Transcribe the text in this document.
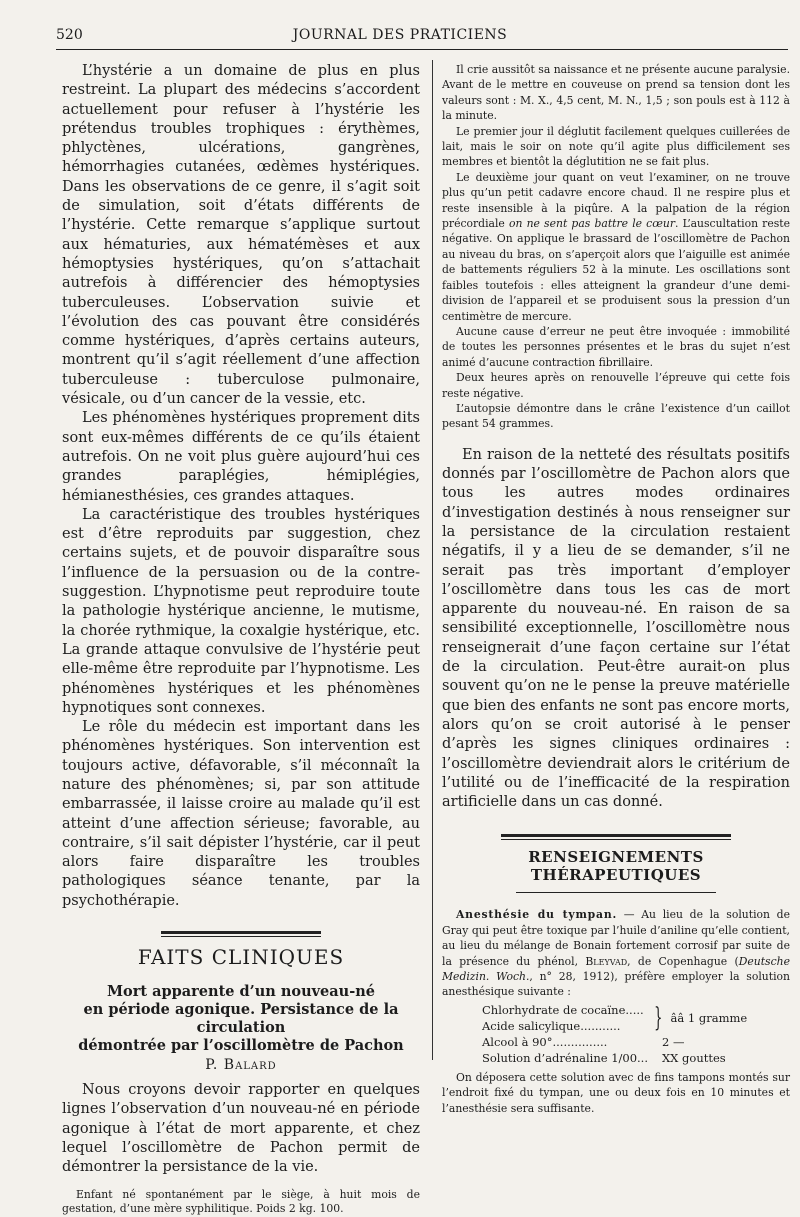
520	JOURNAL DES PRATICIENS

L’hystérie a un domaine de plus en plus restreint. La plupart des médecins s’accordent actuellement pour refuser à l’hystérie les prétendus troubles trophiques : érythèmes, phlyctènes, ulcérations, gangrènes, hémorrhagies cutanées, œdèmes hystériques. Dans les observations de ce genre, il s’agit soit de simulation, soit d’états différents de l’hystérie. Cette remarque s’applique surtout aux hématuries, aux hématémèses et aux hémoptysies hystériques, qu’on s’attachait autrefois à différencier des hémoptysies tuberculeuses. L’observation suivie et l’évolution des cas pouvant être considérés comme hystériques, d’après certains auteurs, montrent qu’il s’agit réellement d’une affection tuberculeuse : tuberculose pulmonaire, vésicale, ou d’un cancer de la vessie, etc.

Les phénomènes hystériques proprement dits sont eux-mêmes différents de ce qu’ils étaient autrefois. On ne voit plus guère aujourd’hui ces grandes paraplégies, hémiplégies, hémianesthésies, ces grandes attaques.

La caractéristique des troubles hystériques est d’être reproduits par suggestion, chez certains sujets, et de pouvoir disparaître sous l’influence de la persuasion ou de la contre-suggestion. L’hypnotisme peut reproduire toute la pathologie hystérique ancienne, le mutisme, la chorée rythmique, la coxalgie hystérique, etc. La grande attaque convulsive de l’hystérie peut elle-même être reproduite par l’hypnotisme. Les phénomènes hystériques et les phénomènes hypnotiques sont connexes.

Le rôle du médecin est important dans les phénomènes hystériques. Son intervention est toujours active, défavorable, s’il méconnaît la nature des phénomènes; si, par son attitude embarrassée, il laisse croire au malade qu’il est atteint d’une affection sérieuse; favorable, au contraire, s’il sait dépister l’hystérie, car il peut alors faire disparaître les troubles pathologiques séance tenante, par la psychothérapie.

FAITS CLINIQUES
Mort apparente d’un nouveau-né
en période agonique. Persistance de la circulation
démontrée par l’oscillomètre de Pachon
P. Balard

Nous croyons devoir rapporter en quelques lignes l’observation d’un nouveau-né en période agonique à l’état de mort apparente, et chez lequel l’oscillomètre de Pachon permit de démontrer la persistance de la vie.

Enfant né spontanément par le siège, à huit mois de gestation, d’une mère syphilitique. Poids 2 kg. 100.

Il crie aussitôt sa naissance et ne présente aucune paralysie. Avant de le mettre en couveuse on prend sa tension dont les valeurs sont : M. X., 4,5 cent, M. N., 1,5 ; son pouls est à 112 à la minute.

Le premier jour il déglutit facilement quelques cuillerées de lait, mais le soir on note qu’il agite plus difficilement ses membres et bientôt la déglutition ne se fait plus.

Le deuxième jour quant on veut l’examiner, on ne trouve plus qu’un petit cadavre encore chaud. Il ne respire plus et reste insensible à la piqûre. A la palpation de la région précordiale on ne sent pas battre le cœur. L’auscultation reste négative. On applique le brassard de l’oscillomètre de Pachon au niveau du bras, on s’aperçoit alors que l’aiguille est animée de battements réguliers 52 à la minute. Les oscillations sont faibles toutefois : elles atteignent la grandeur d’une demi-division de l’appareil et se produisent sous la pression d’un centimètre de mercure.

Aucune cause d’erreur ne peut être invoquée : immobilité de toutes les personnes présentes et le bras du sujet n’est animé d’aucune contraction fibrillaire.

Deux heures après on renouvelle l’épreuve qui cette fois reste négative.

L’autopsie démontre dans le crâne l’existence d’un caillot pesant 54 grammes.

En raison de la netteté des résultats positifs donnés par l’oscillomètre de Pachon alors que tous les autres modes ordinaires d’investigation destinés à nous renseigner sur la persistance de la circulation restaient négatifs, il y a lieu de se demander, s’il ne serait pas très important d’employer l’oscillomètre dans tous les cas de mort apparente du nouveau-né. En raison de sa sensibilité exceptionnelle, l’oscillomètre nous renseignerait d’une façon certaine sur l’état de la circulation. Peut-être aurait-on plus souvent qu’on ne le pense la preuve matérielle que bien des enfants ne sont pas encore morts, alors qu’on se croit autorisé à le penser d’après les signes cliniques ordinaires : l’oscillomètre deviendrait alors le critérium de l’utilité ou de l’inefficacité de la respiration artificielle dans un cas donné.

RENSEIGNEMENTS THÉRAPEUTIQUES

Anesthésie du tympan. — Au lieu de la solution de Gray qui peut être toxique par l’huile d’aniline qu’elle contient, au lieu du mélange de Bonain fortement corrosif par suite de la présence du phénol, Bleyvad, de Copenhague (Deutsche Medizin. Woch., n° 28, 1912), préfère employer la solution anesthésique suivante :

Chlorhydrate de cocaïne.....
Acide salicylique...........	} ââ 1 gramme
Alcool à 90°...............	2 —
Solution d’adrénaline 1/00... XX gouttes

On déposera cette solution avec de fins tampons montés sur l’endroit fixé du tympan, une ou deux fois en 10 minutes et l’anesthésie sera suffisante.
